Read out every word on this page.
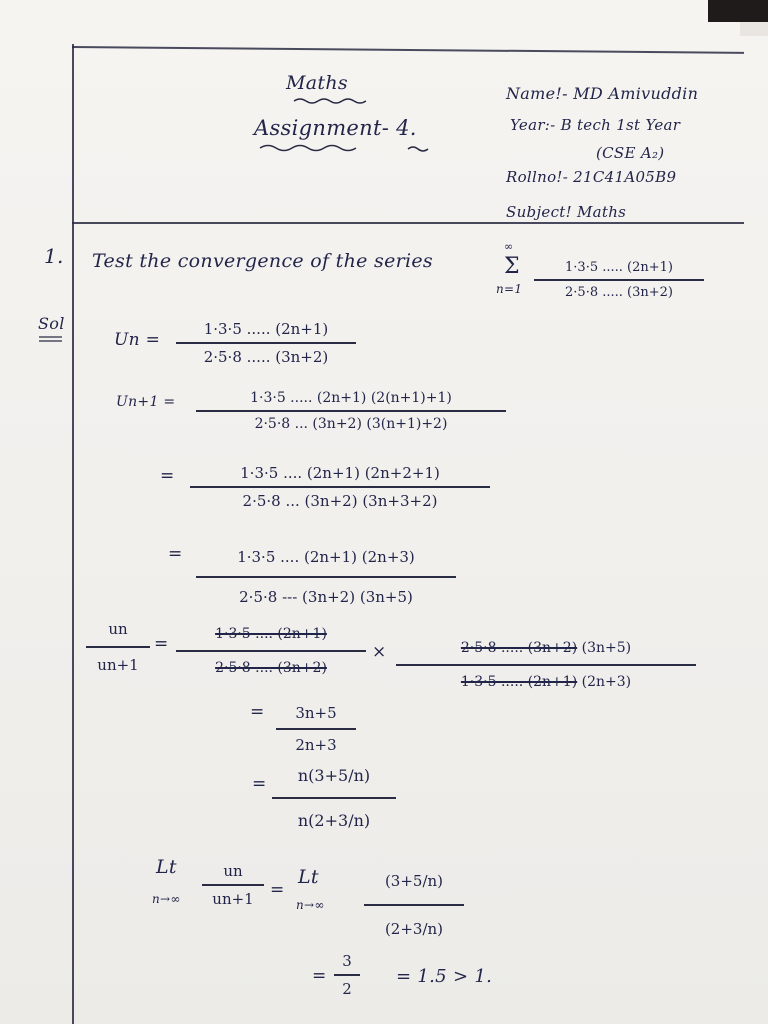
Maths
Assignment- 4.
Name!- MD Amivuddin
Year:- B tech 1st Year
(CSE A₂)
Rollno!- 21C41A05B9
Subject! Maths
1. Test the convergence of the series
∞
Σ
n=1
1·3·5 ..... (2n+1)
2·5·8 ..... (3n+2)
Sol
Un =
1·3·5 ..... (2n+1)
2·5·8 ..... (3n+2)
Un+1 =	1·3·5 ..... (2n+1) (2(n+1)+1)
2·5·8 ... (3n+2) (3(n+1)+2)
=	1·3·5 .... (2n+1) (2n+2+1)
2·5·8 ... (3n+2) (3n+3+2)
=	1·3·5 .... (2n+1) (2n+3)
2·5·8 --- (3n+2) (3n+5)
un
un+1
=	1·3·5 .... (2n+1)
2·5·8 .... (3n+2)
×	2·5·8 ..... (3n+2) (3n+5)
1·3·5 ..... (2n+1) (2n+3)
=	3n+5
2n+3
=	n(3+5/n)
n(2+3/n)
Lt
n→∞
un
un+1 =
Lt
n→∞
(3+5/n)
(2+3/n)
=
3
2
= 1.5 > 1.
